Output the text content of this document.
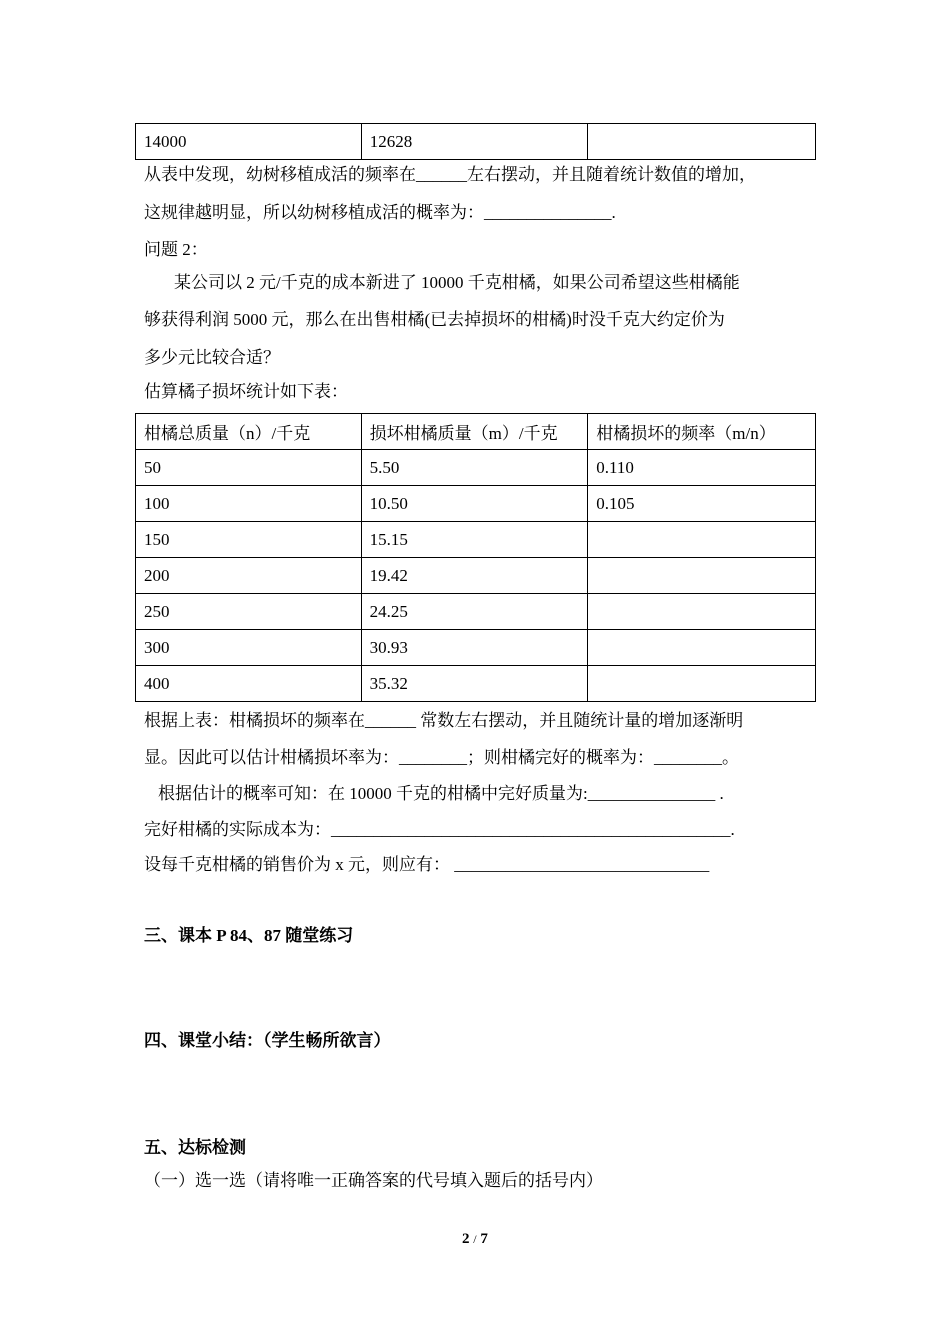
14000	12628	
从表中发现，幼树移植成活的频率在______左右摆动，并且随着统计数值的增加，
这规律越明显，所以幼树移植成活的概率为：_______________.
问题 2：
某公司以 2 元/千克的成本新进了 10000 千克柑橘，如果公司希望这些柑橘能
够获得利润 5000 元，那么在出售柑橘(已去掉损坏的柑橘)时没千克大约定价为
多少元比较合适？
估算橘子损坏统计如下表：
柑橘总质量（n）/千克	损坏柑橘质量（m）/千克	柑橘损坏的频率（m/n）
50	5.50	0.110
100	10.50	0.105
150	15.15	
200	19.42	
250	24.25	
300	30.93	
400	35.32	
根据上表：柑橘损坏的频率在______ 常数左右摆动，并且随统计量的增加逐渐明
显。因此可以估计柑橘损坏率为：________；则柑橘完好的概率为：________。
根据估计的概率可知：在 10000 千克的柑橘中完好质量为:_______________ .
完好柑橘的实际成本为：_______________________________________________.
设每千克柑橘的销售价为 x 元，则应有： ______________________________
三、课本 P 84、87 随堂练习
四、课堂小结：（学生畅所欲言）
五、达标检测
（一）选一选（请将唯一正确答案的代号填入题后的括号内）
2 / 7
